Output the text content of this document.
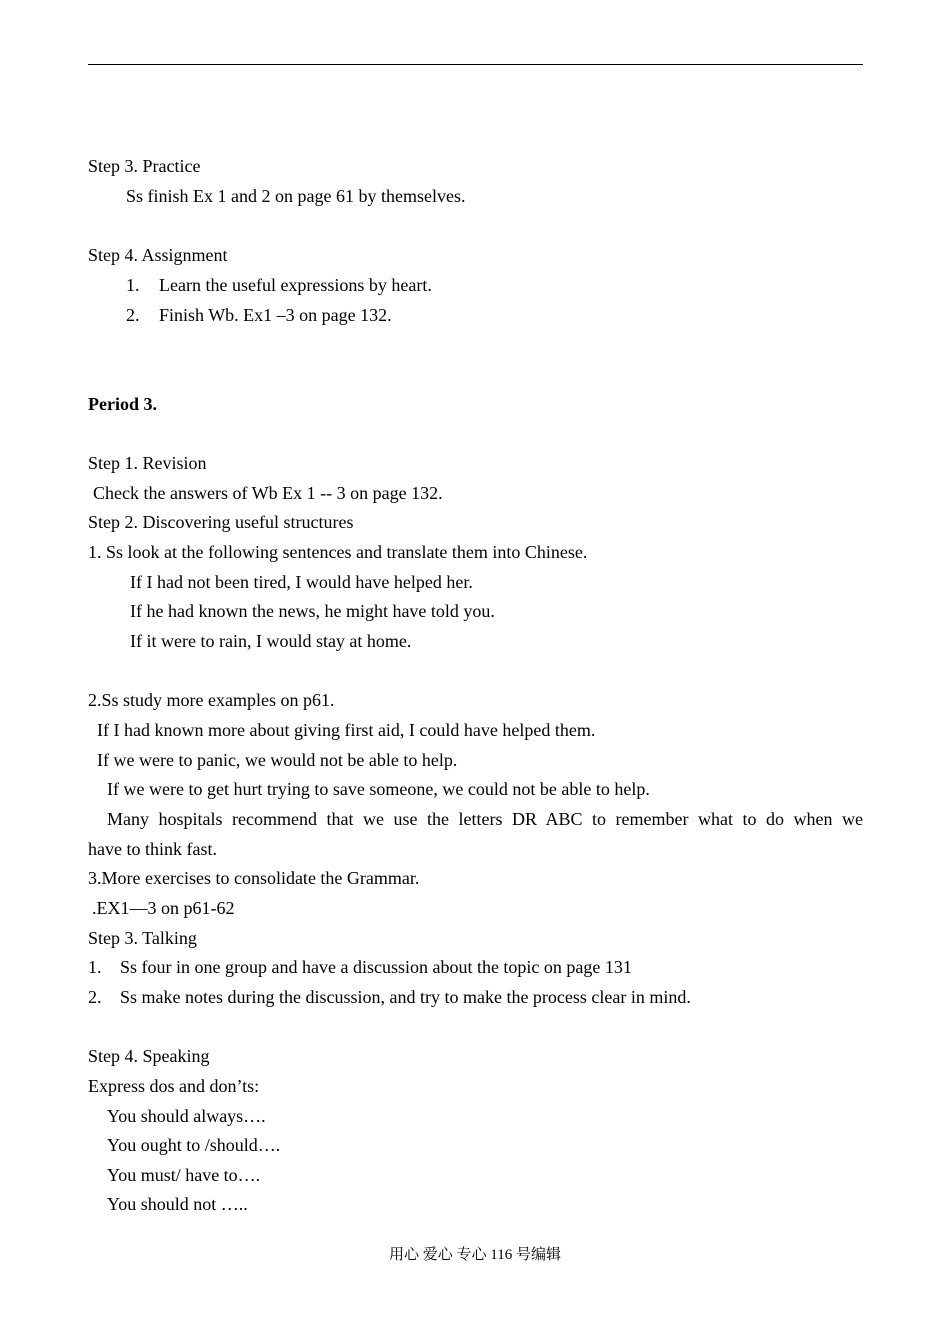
Step 3. Practice
Ss finish Ex 1 and 2 on page 61 by themselves.
Step 4. Assignment
1. Learn the useful expressions by heart.
2. Finish Wb. Ex1 –3 on page 132.
Period 3.
Step 1. Revision
Check the answers of Wb Ex 1 -- 3 on page 132.
Step 2. Discovering useful structures
1. Ss look at the following sentences and translate them into Chinese.
If I had not been tired, I would have helped her.
If he had known the news, he might have told you.
If it were to rain, I would stay at home.
2.Ss study more examples on p61.
If I had known more about giving first aid, I could have helped them.
If we were to panic, we would not be able to help.
If we were to get hurt trying to save someone, we could not be able to help.
Many hospitals recommend that we use the letters DR ABC to remember what to do when we
have to think fast.
3.More exercises to consolidate the Grammar.
.EX1—3 on p61-62
Step 3. Talking
1. Ss four in one group and have a discussion about the topic on page 131
2. Ss make notes during the discussion, and try to make the process clear in mind.
Step 4. Speaking
Express dos and don’ts:
You should always….
You ought to /should….
You must/ have to….
You should not …..
用心 爱心 专心 116 号编辑
